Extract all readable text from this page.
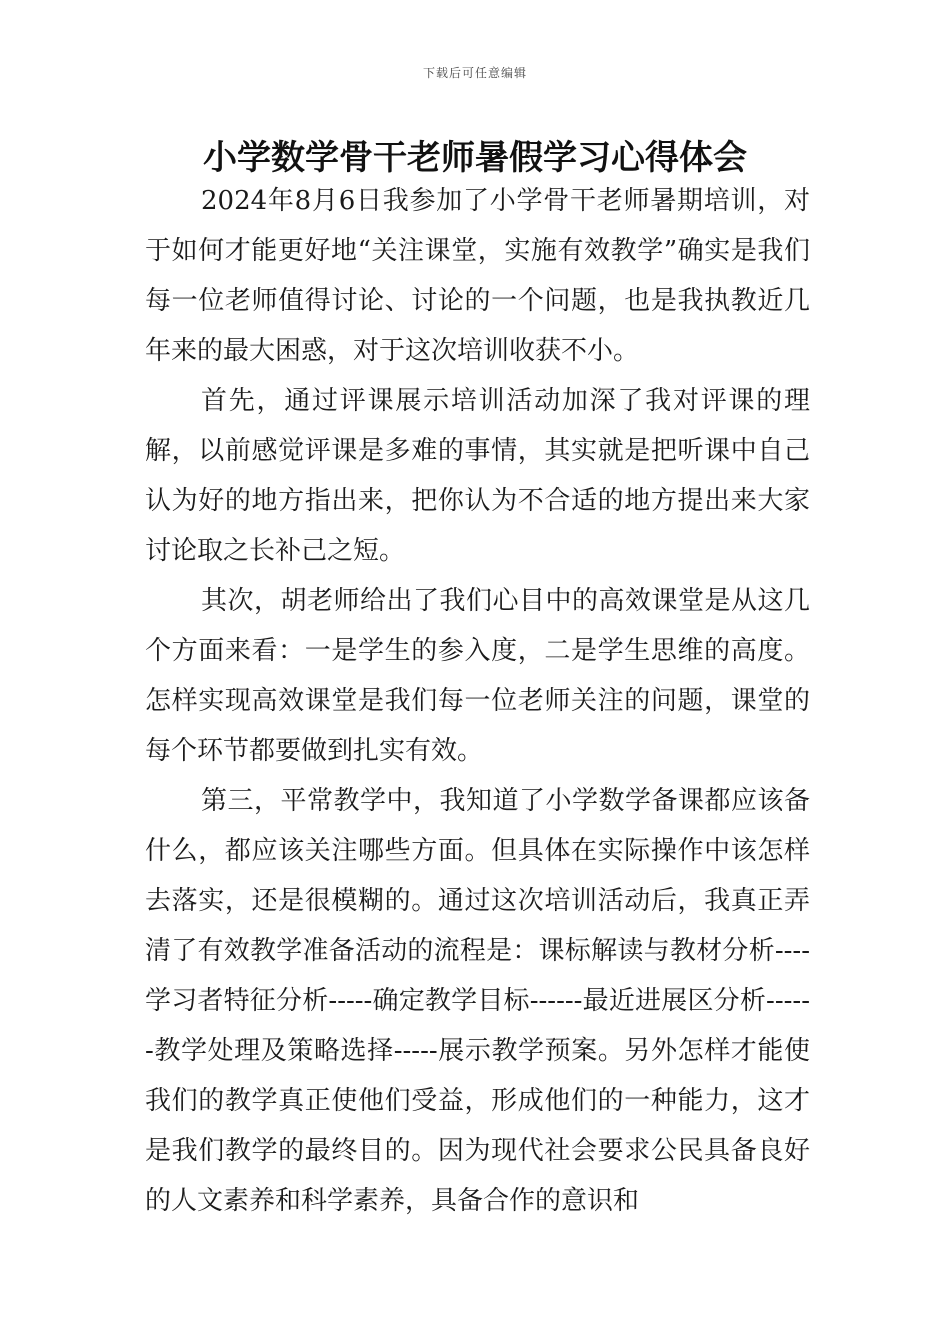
下载后可任意编辑
小学数学骨干老师暑假学习心得体会

2024年8月6日我参加了小学骨干老师暑期培训，对于如何才能更好地“关注课堂，实施有效教学”确实是我们每一位老师值得讨论、讨论的一个问题，也是我执教近几年来的最大困惑，对于这次培训收获不小。

首先，通过评课展示培训活动加深了我对评课的理解，以前感觉评课是多难的事情，其实就是把听课中自己认为好的地方指出来，把你认为不合适的地方提出来大家讨论取之长补己之短。

其次，胡老师给出了我们心目中的高效课堂是从这几个方面来看：一是学生的参入度，二是学生思维的高度。怎样实现高效课堂是我们每一位老师关注的问题，课堂的每个环节都要做到扎实有效。

第三，平常教学中，我知道了小学数学备课都应该备什么，都应该关注哪些方面。但具体在实际操作中该怎样去落实，还是很模糊的。通过这次培训活动后，我真正弄清了有效教学准备活动的流程是：课标解读与教材分析----学习者特征分析-----确定教学目标------最近进展区分析------教学处理及策略选择-----展示教学预案。另外怎样才能使我们的教学真正使他们受益，形成他们的一种能力，这才是我们教学的最终目的。因为现代社会要求公民具备良好的人文素养和科学素养，具备合作的意识和
